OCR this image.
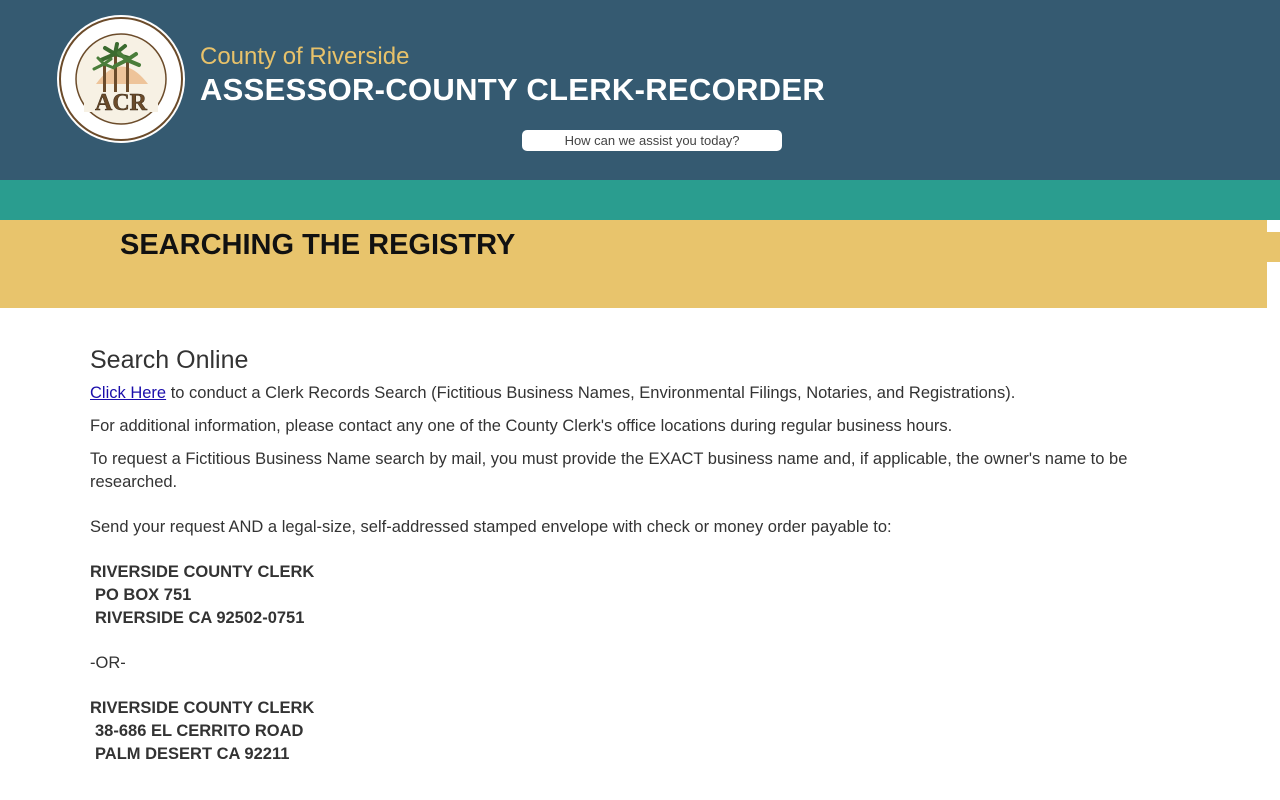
ACR
County of Riverside
ASSESSOR-COUNTY CLERK-RECORDER
How can we assist you today?
SEARCHING THE REGISTRY
Search Online

Click Here to conduct a Clerk Records Search (Fictitious Business Names, Environmental Filings, Notaries, and Registrations).

For additional information, please contact any one of the County Clerk's office locations during regular business hours.

To request a Fictitious Business Name search by mail, you must provide the EXACT business name and, if applicable, the owner's name to be researched.

Send your request AND a legal-size, self-addressed stamped envelope with check or money order payable to:

RIVERSIDE COUNTY CLERK
PO BOX 751
RIVERSIDE CA 92502-0751

-OR-

RIVERSIDE COUNTY CLERK
38-686 EL CERRITO ROAD
PALM DESERT CA 92211
